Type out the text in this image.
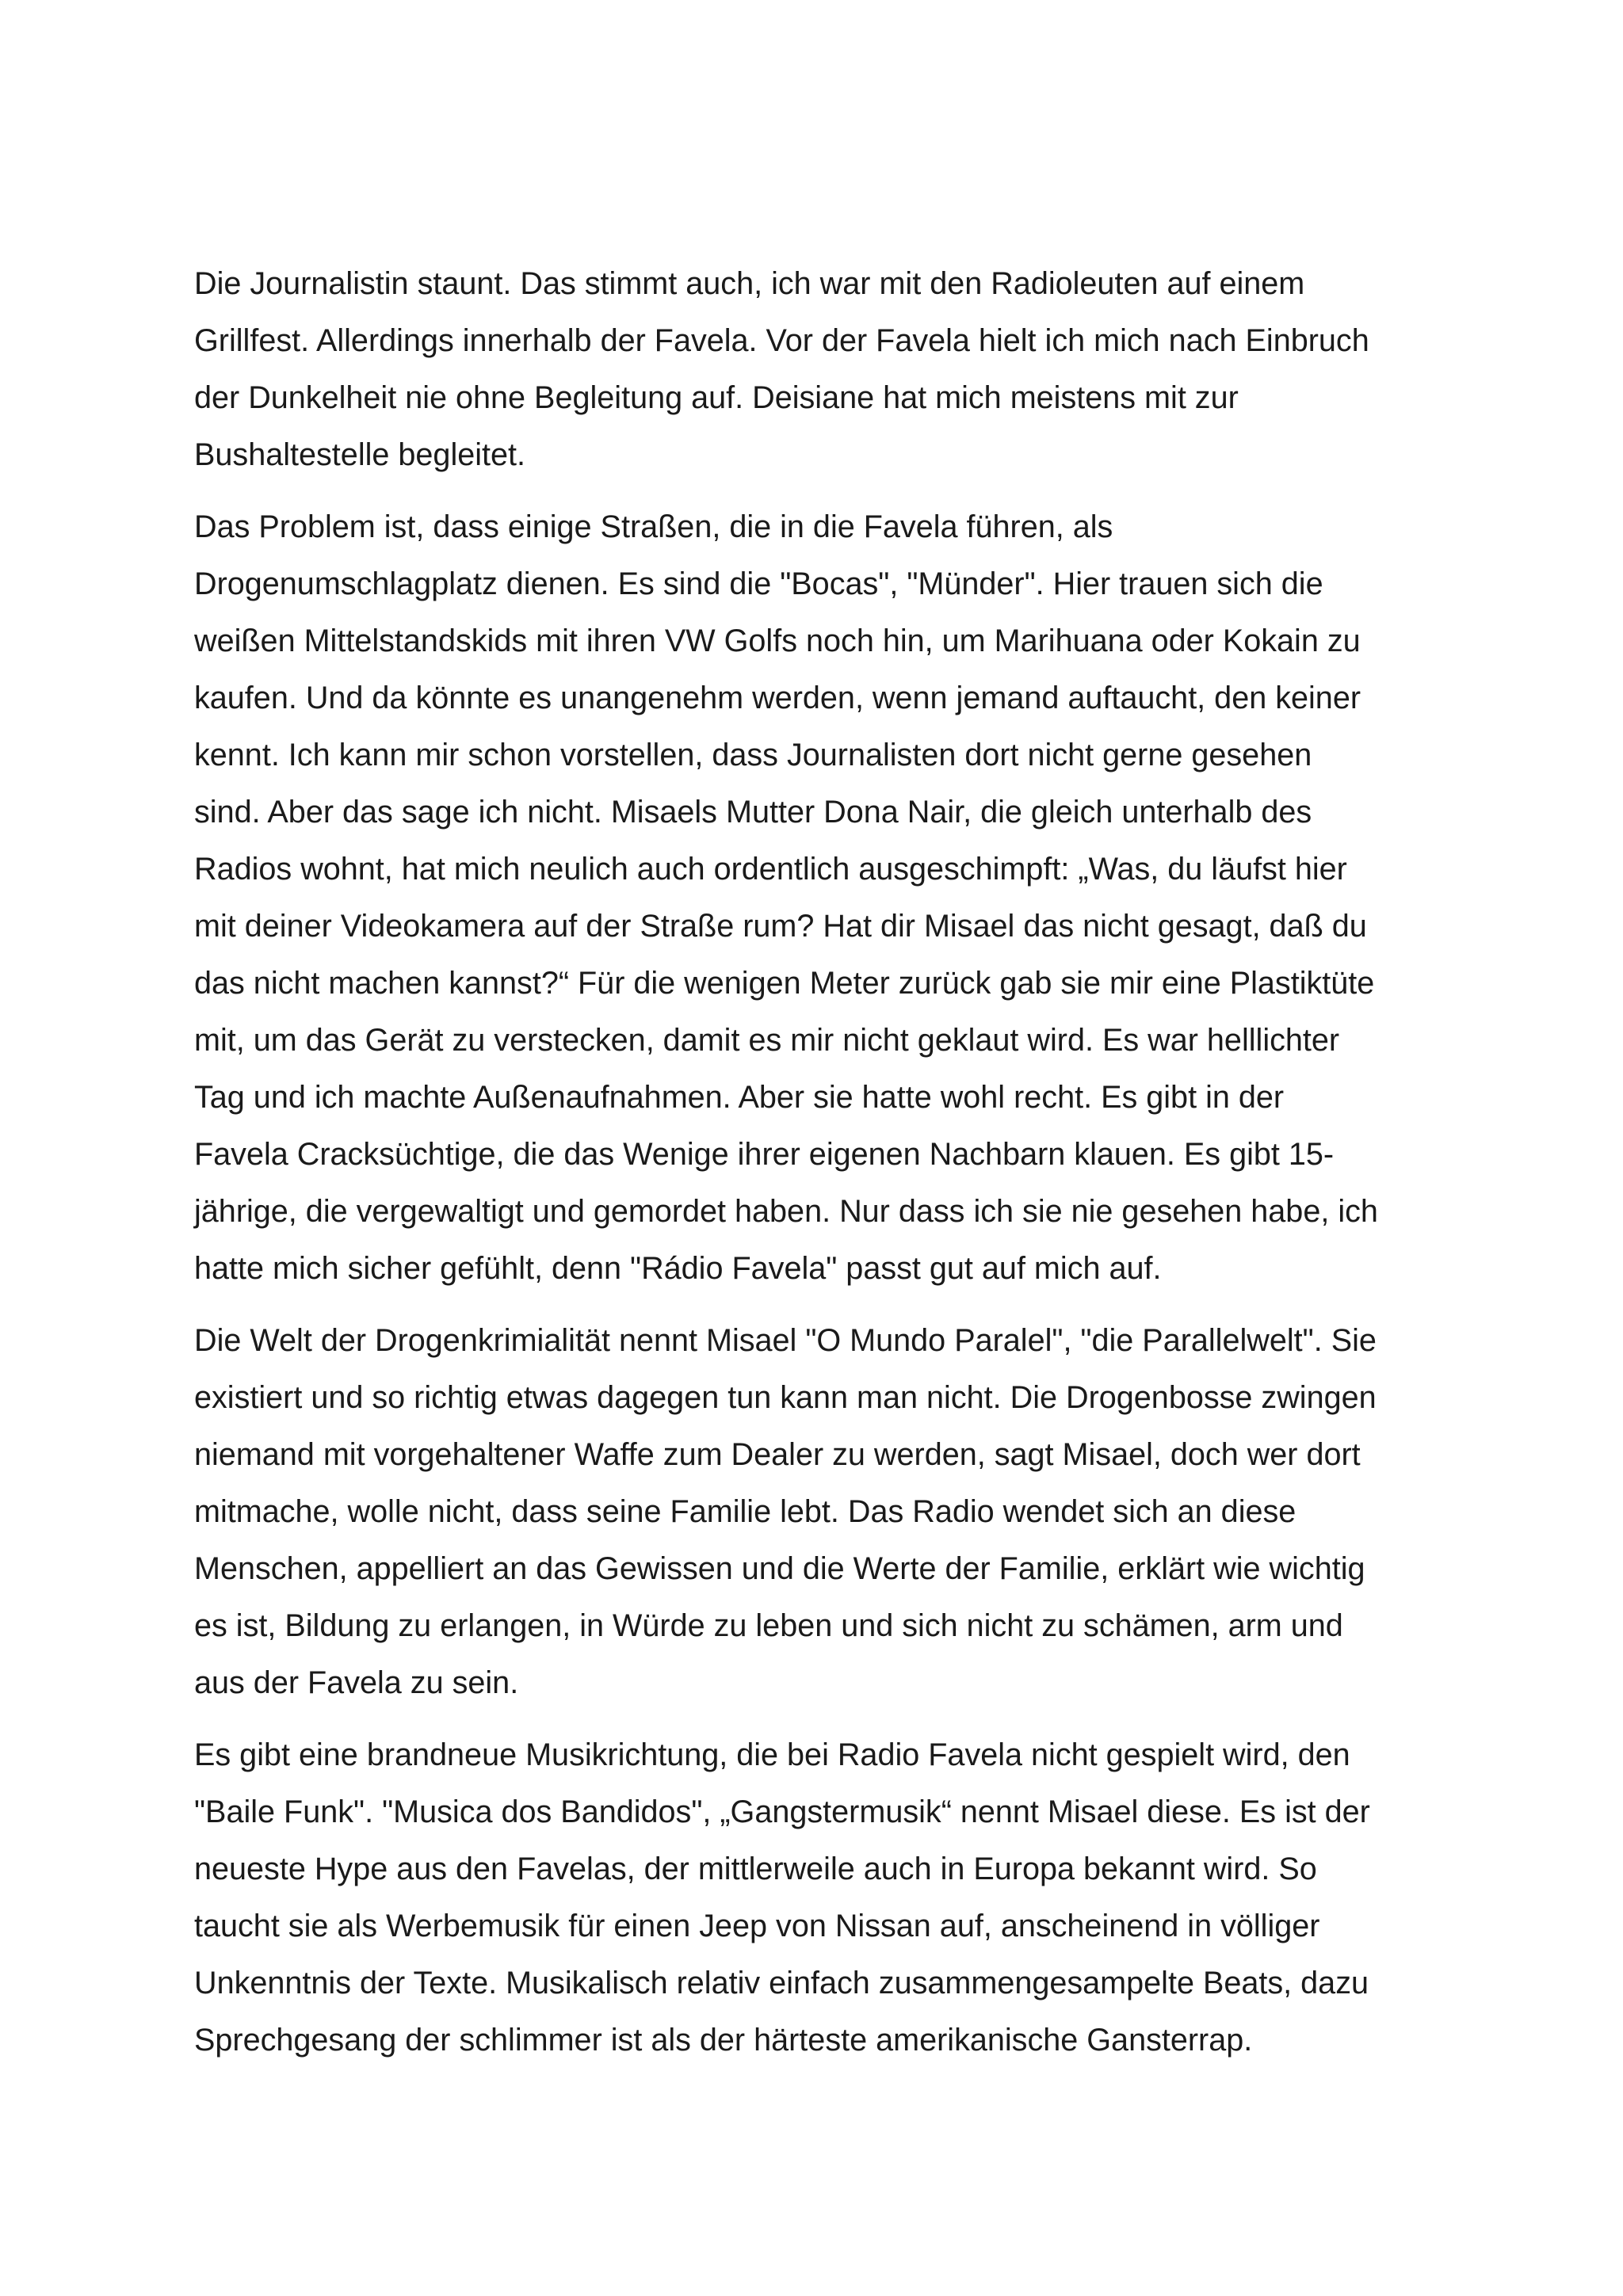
Die Journalistin staunt. Das stimmt auch, ich war mit den Radioleuten auf einem
Grillfest. Allerdings innerhalb der Favela. Vor der Favela hielt ich mich nach Einbruch
der Dunkelheit nie ohne Begleitung auf. Deisiane hat mich meistens mit zur
Bushaltestelle begleitet.

Das Problem ist, dass einige Straßen, die in die Favela führen, als
Drogenumschlagplatz dienen. Es sind die "Bocas", "Münder". Hier trauen sich die
weißen Mittelstandskids mit ihren VW Golfs noch hin, um Marihuana oder Kokain zu
kaufen. Und da könnte es unangenehm werden, wenn jemand auftaucht, den keiner
kennt. Ich kann mir schon vorstellen, dass Journalisten dort nicht gerne gesehen
sind. Aber das sage ich nicht. Misaels Mutter Dona Nair, die gleich unterhalb des
Radios wohnt, hat mich neulich auch ordentlich ausgeschimpft: „Was, du läufst hier
mit deiner Videokamera auf der Straße rum? Hat dir Misael das nicht gesagt, daß du
das nicht machen kannst?“ Für die wenigen Meter zurück gab sie mir eine Plastiktüte
mit, um das Gerät zu verstecken, damit es mir nicht geklaut wird. Es war helllichter
Tag und ich machte Außenaufnahmen. Aber sie hatte wohl recht. Es gibt in der
Favela Cracksüchtige, die das Wenige ihrer eigenen Nachbarn klauen. Es gibt 15-
jährige, die vergewaltigt und gemordet haben. Nur dass ich sie nie gesehen habe, ich
hatte mich sicher gefühlt, denn "Rádio Favela" passt gut auf mich auf.

Die Welt der Drogenkrimialität nennt Misael "O Mundo Paralel", "die Parallelwelt". Sie
existiert und so richtig etwas dagegen tun kann man nicht. Die Drogenbosse zwingen
niemand mit vorgehaltener Waffe zum Dealer zu werden, sagt Misael, doch wer dort
mitmache, wolle nicht, dass seine Familie lebt. Das Radio wendet sich an diese
Menschen, appelliert an das Gewissen und die Werte der Familie, erklärt wie wichtig
es ist, Bildung zu erlangen, in Würde zu leben und sich nicht zu schämen, arm und
aus der Favela zu sein.

Es gibt eine brandneue Musikrichtung, die bei Radio Favela nicht gespielt wird, den
"Baile Funk". "Musica dos Bandidos", „Gangstermusik“ nennt Misael diese. Es ist der
neueste Hype aus den Favelas, der mittlerweile auch in Europa bekannt wird. So
taucht sie als Werbemusik für einen Jeep von Nissan auf, anscheinend in völliger
Unkenntnis der Texte. Musikalisch relativ einfach zusammengesampelte Beats, dazu
Sprechgesang der schlimmer ist als der härteste amerikanische Gansterrap.
